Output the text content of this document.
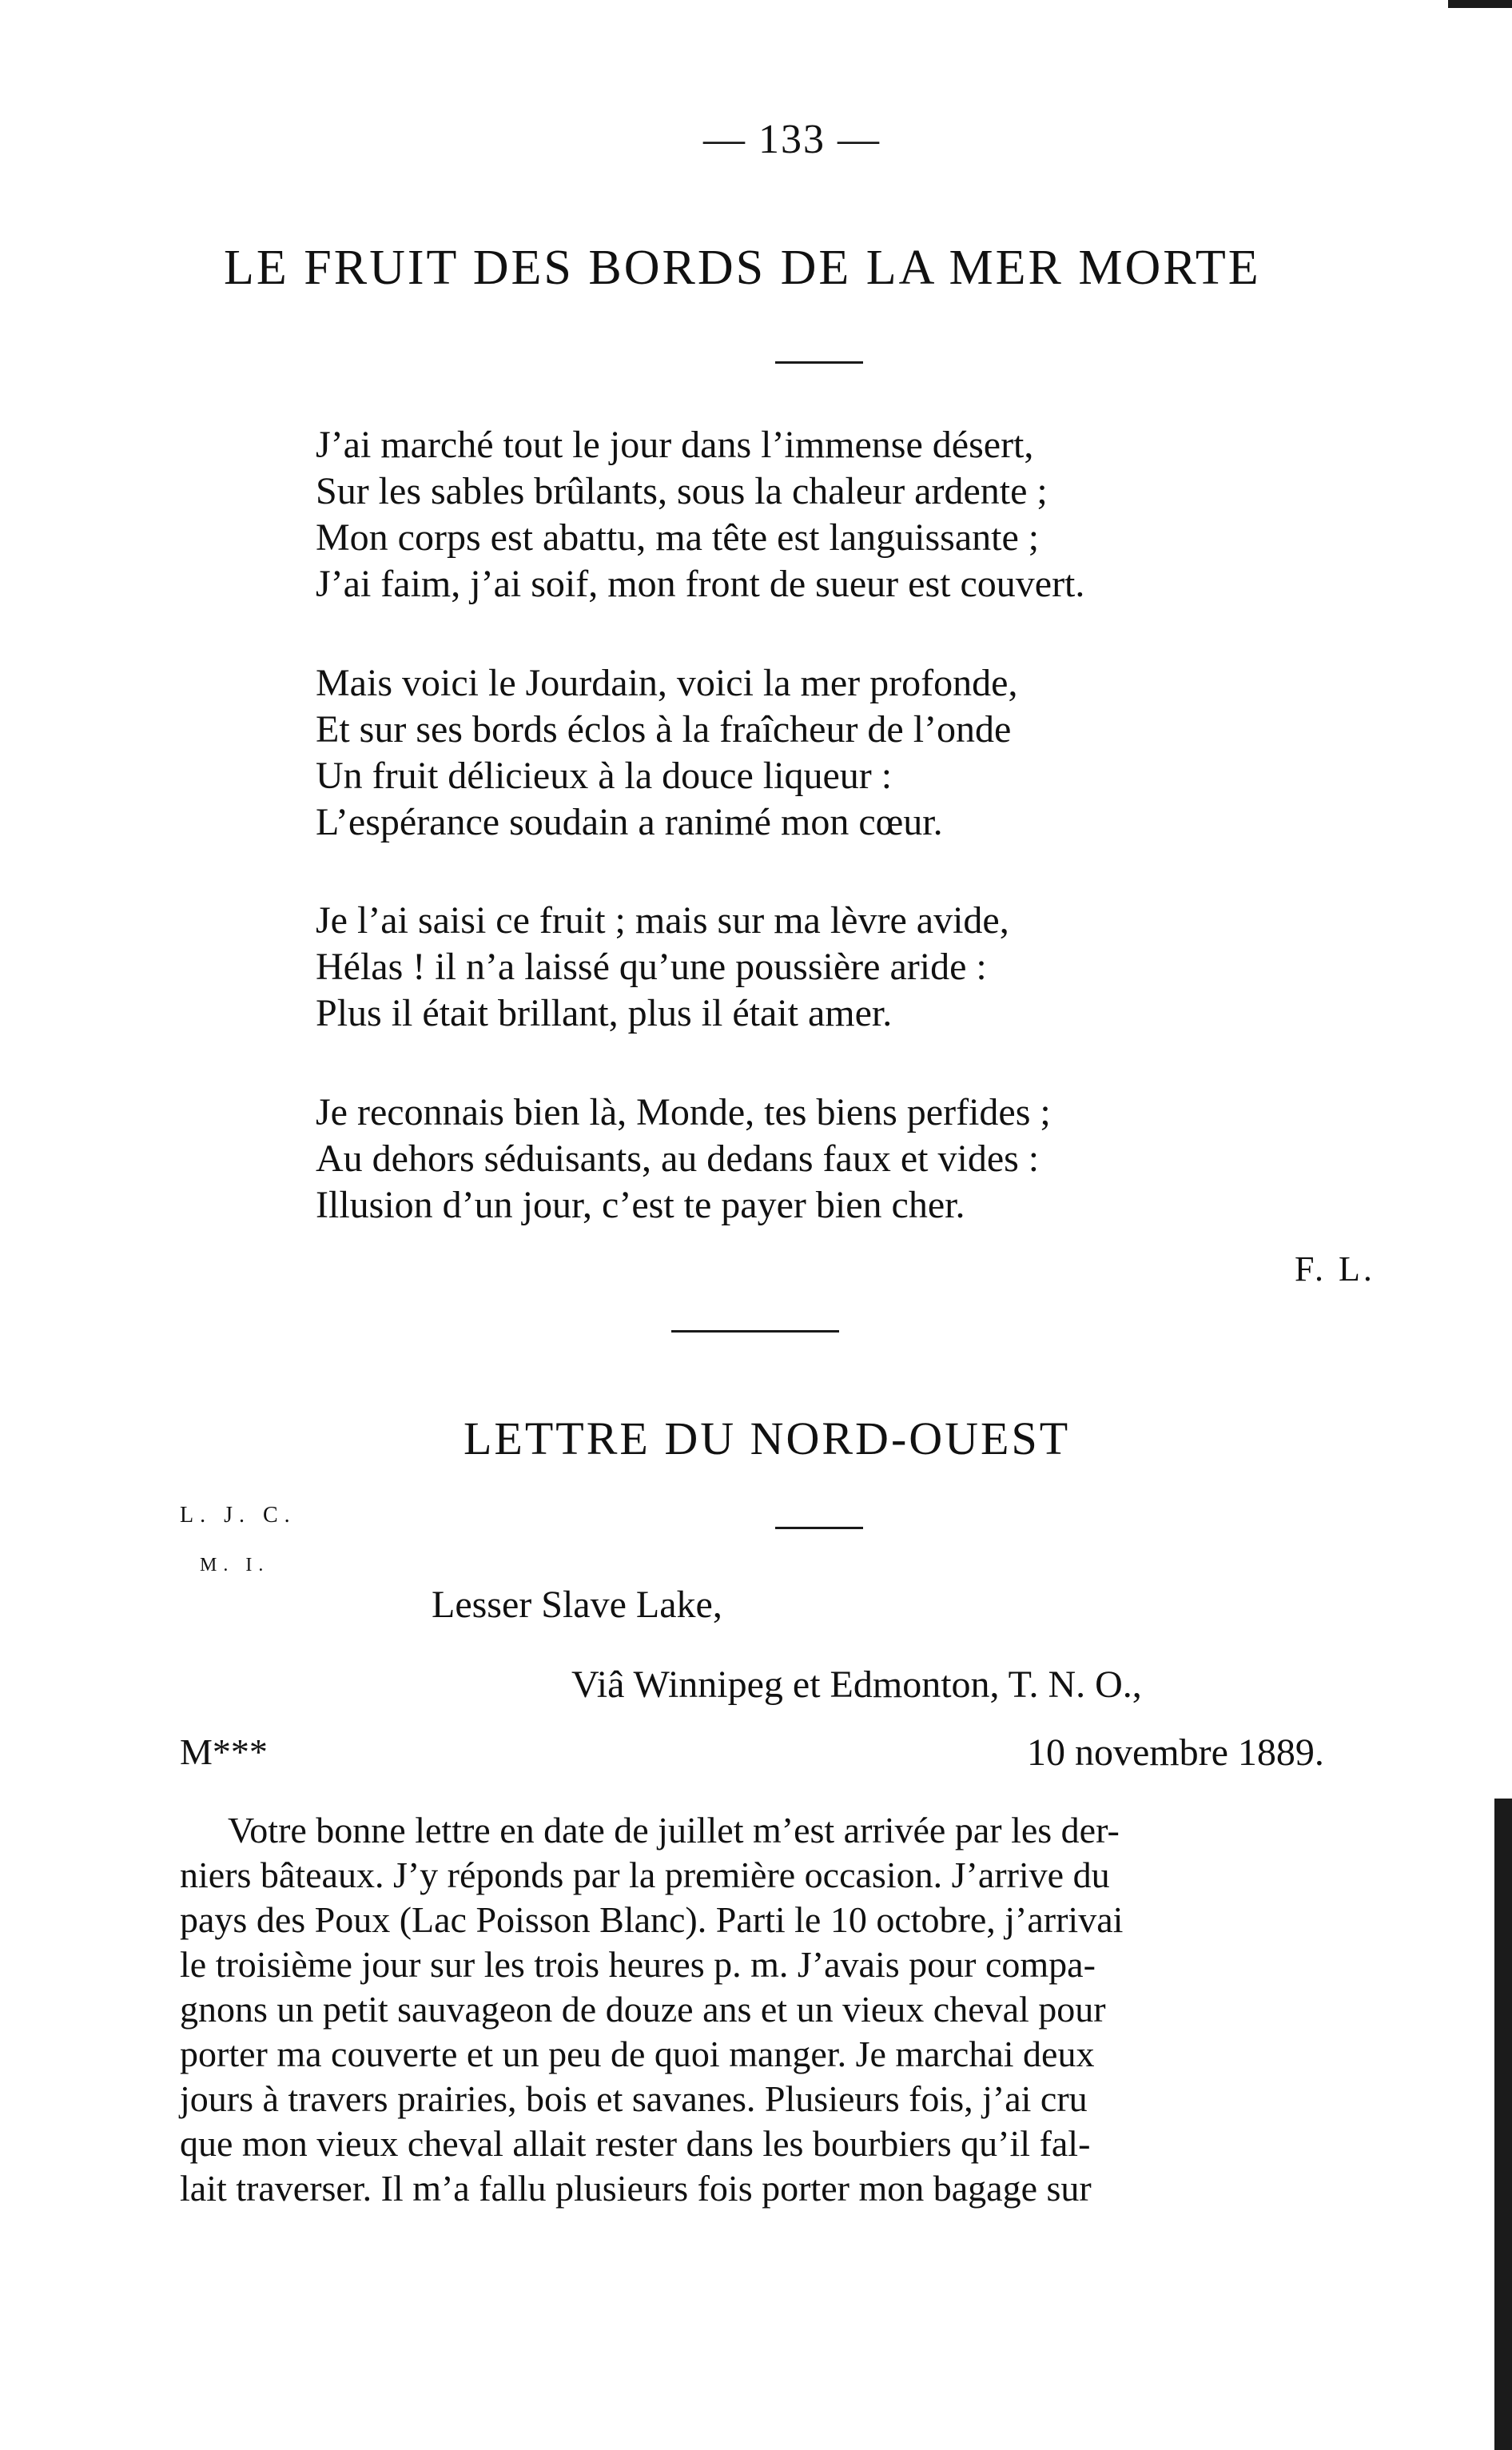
— 133 —
LE FRUIT DES BORDS DE LA MER MORTE
J’ai marché tout le jour dans l’immense désert,
Sur les sables brûlants, sous la chaleur ardente ;
Mon corps est abattu, ma tête est languissante ;
J’ai faim, j’ai soif, mon front de sueur est couvert.
Mais voici le Jourdain, voici la mer profonde,
Et sur ses bords éclos à la fraîcheur de l’onde
Un fruit délicieux à la douce liqueur :
L’espérance soudain a ranimé mon cœur.
Je l’ai saisi ce fruit ; mais sur ma lèvre avide,
Hélas ! il n’a laissé qu’une poussière aride :
Plus il était brillant, plus il était amer.
Je reconnais bien là, Monde, tes biens perfides ;
Au dehors séduisants, au dedans faux et vides :
Illusion d’un jour, c’est te payer bien cher.
F. L.
LETTRE DU NORD-OUEST
L. J. C.
M. I.
Lesser Slave Lake,
Viâ Winnipeg et Edmonton, T. N. O.,
M***	10 novembre 1889.
Votre bonne lettre en date de juillet m’est arrivée par les der-
niers bâteaux. J’y réponds par la première occasion. J’arrive du
pays des Poux (Lac Poisson Blanc). Parti le 10 octobre, j’arrivai
le troisième jour sur les trois heures p. m. J’avais pour compa-
gnons un petit sauvageon de douze ans et un vieux cheval pour
porter ma couverte et un peu de quoi manger. Je marchai deux
jours à travers prairies, bois et savanes. Plusieurs fois, j’ai cru
que mon vieux cheval allait rester dans les bourbiers qu’il fal-
lait traverser. Il m’a fallu plusieurs fois porter mon bagage sur
